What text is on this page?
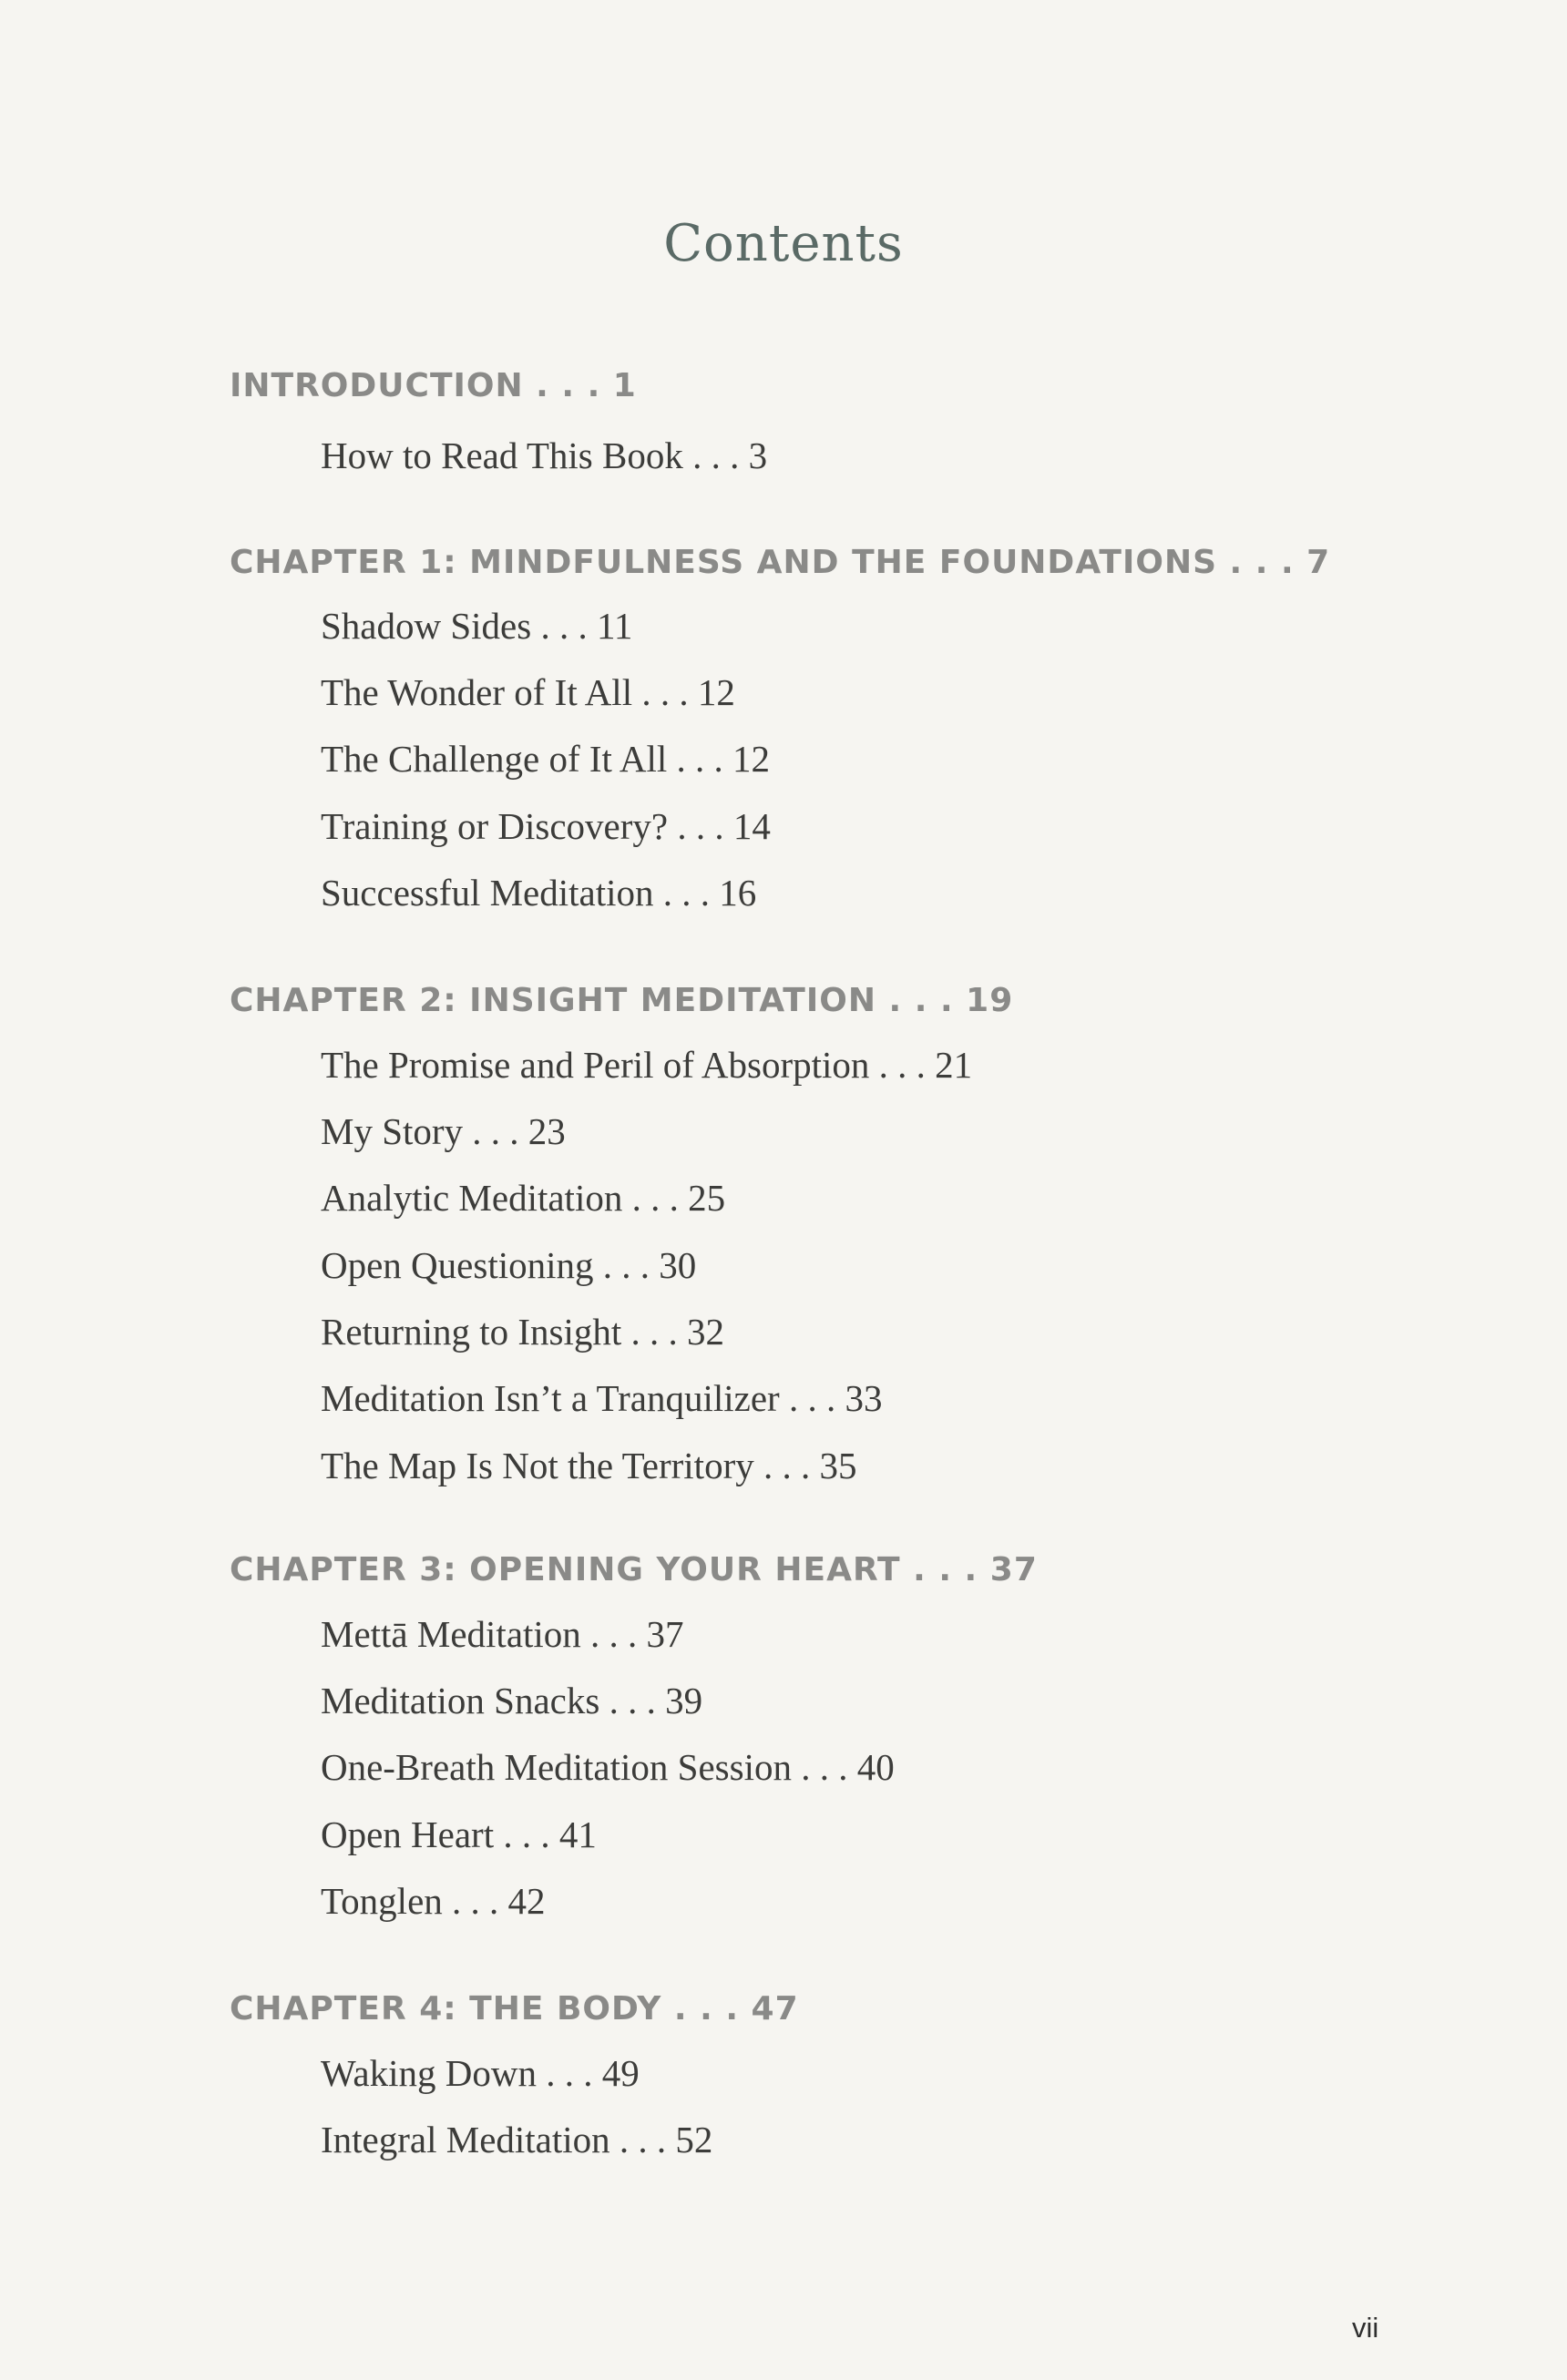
Contents
INTRODUCTION . . . 1
How to Read This Book . . . 3
CHAPTER 1: MINDFULNESS AND THE FOUNDATIONS . . . 7
Shadow Sides . . . 11
The Wonder of It All . . . 12
The Challenge of It All . . . 12
Training or Discovery? . . . 14
Successful Meditation . . . 16
CHAPTER 2: INSIGHT MEDITATION . . . 19
The Promise and Peril of Absorption . . . 21
My Story . . . 23
Analytic Meditation . . . 25
Open Questioning . . . 30
Returning to Insight . . . 32
Meditation Isn’t a Tranquilizer . . . 33
The Map Is Not the Territory . . . 35
CHAPTER 3: OPENING YOUR HEART . . . 37
Mettā Meditation . . . 37
Meditation Snacks . . . 39
One-Breath Meditation Session . . . 40
Open Heart . . . 41
Tonglen . . . 42
CHAPTER 4: THE BODY . . . 47
Waking Down . . . 49
Integral Meditation . . . 52
vii
